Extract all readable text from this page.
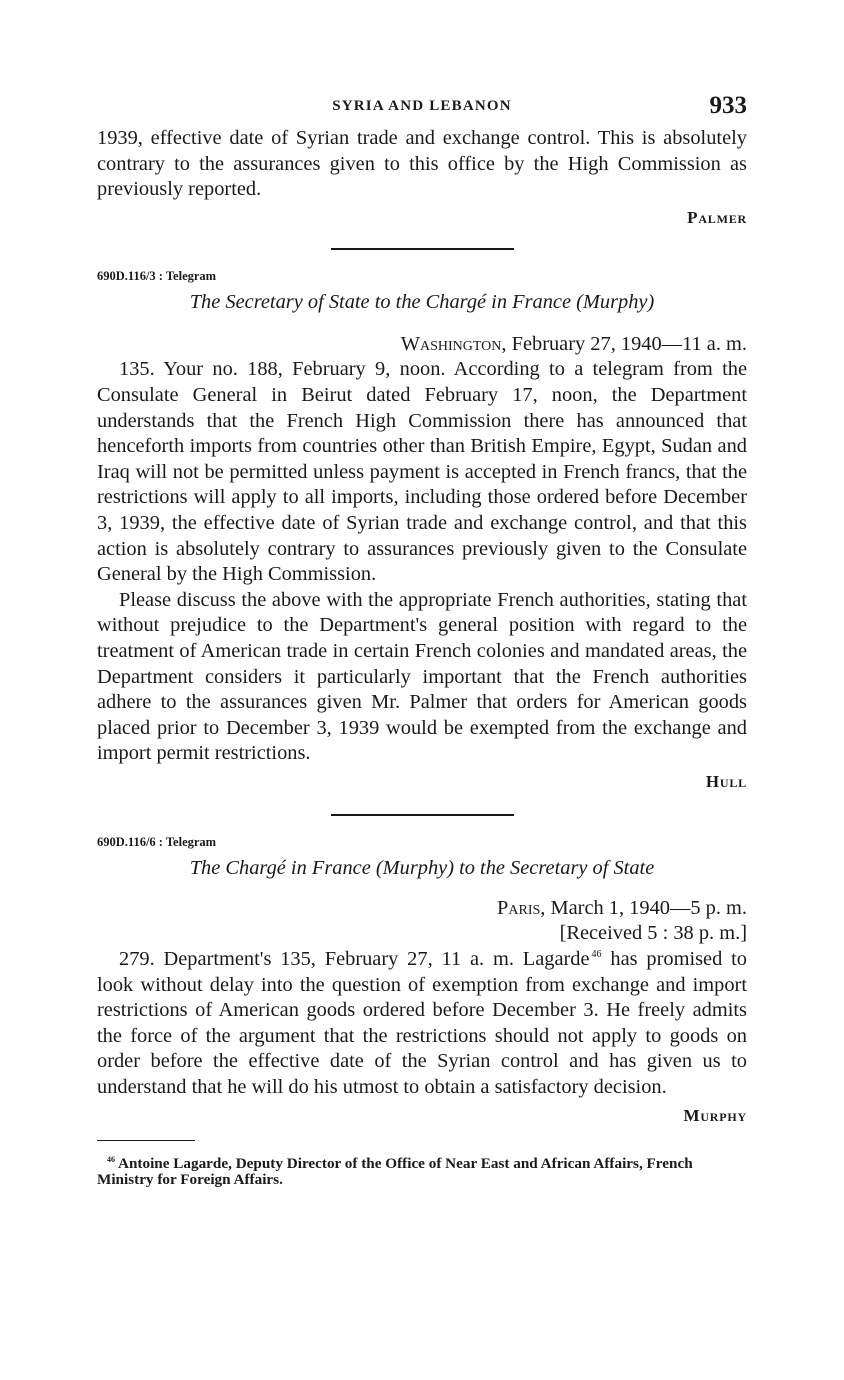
SYRIA AND LEBANON	933

1939, effective date of Syrian trade and exchange control. This is absolutely contrary to the assurances given to this office by the High Commission as previously reported.

Palmer
690D.116/3 : Telegram
The Secretary of State to the Chargé in France (Murphy)
Washington, February 27, 1940—11 a. m.

135. Your no. 188, February 9, noon. According to a telegram from the Consulate General in Beirut dated February 17, noon, the Department understands that the French High Commission there has announced that henceforth imports from countries other than British Empire, Egypt, Sudan and Iraq will not be permitted unless payment is accepted in French francs, that the restrictions will apply to all imports, including those ordered before December 3, 1939, the effective date of Syrian trade and exchange control, and that this action is absolutely contrary to assurances previously given to the Consulate General by the High Commission.

Please discuss the above with the appropriate French authorities, stating that without prejudice to the Department's general position with regard to the treatment of American trade in certain French colonies and mandated areas, the Department considers it particularly important that the French authorities adhere to the assurances given Mr. Palmer that orders for American goods placed prior to December 3, 1939 would be exempted from the exchange and import permit restrictions.

Hull
690D.116/6 : Telegram
The Chargé in France (Murphy) to the Secretary of State
Paris, March 1, 1940—5 p. m.
[Received 5 : 38 p. m.]

279. Department's 135, February 27, 11 a. m. Lagarde $^{46}$ has promised to look without delay into the question of exemption from exchange and import restrictions of American goods ordered before December 3. He freely admits the force of the argument that the restrictions should not apply to goods on order before the effective date of the Syrian control and has given us to understand that he will do his utmost to obtain a satisfactory decision.

Murphy
$^{46}$ Antoine Lagarde, Deputy Director of the Office of Near East and African Affairs, French Ministry for Foreign Affairs.
